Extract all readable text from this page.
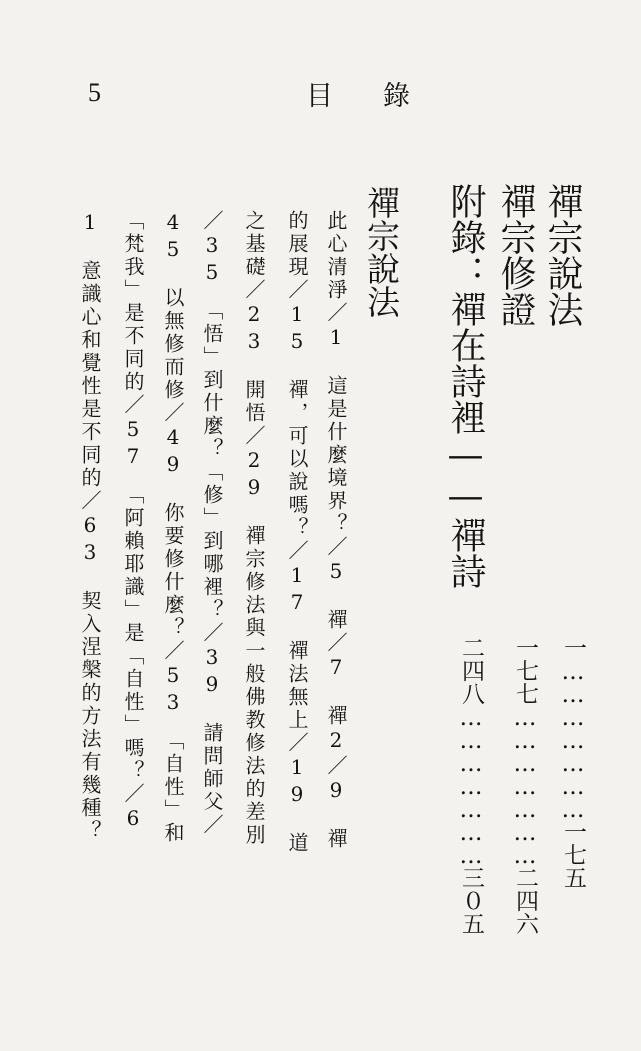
5	目錄
禪宗說法
一…………………一七五
禪宗修證
一七七…………………二四六
附錄：禪在詩裡——禪詩
二四八…………………三０五
禪宗說法
此心清淨／1　這是什麼境界？／5　禪／7　禪2／9　禪
的展現／15　禪，可以說嗎？／17　禪法無上／19　道
之基礎／23　開悟／29　禪宗修法與一般佛教修法的差別
／35　「悟」到什麼？「修」到哪裡？／39　請問師父／
45　以無修而修／49　你要修什麼？／53　「自性」和
「梵我」是不同的／57　「阿賴耶識」是「自性」嗎？／6
1　意識心和覺性是不同的／63　契入涅槃的方法有幾種？
